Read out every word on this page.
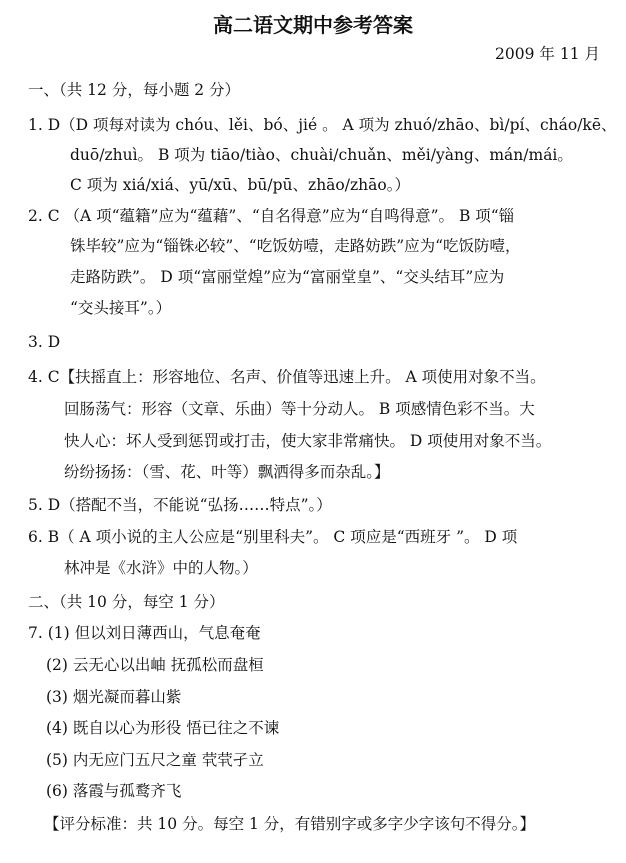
高二语文期中参考答案
2009 年 11 月
一、（共 12 分，每小题 2 分）
1. D（D 项每对读为 chóu、lěi、bó、jié 。 A 项为 zhuó/zhāo、bì/pí、cháo/kē、
duō/zhuì。 B 项为 tiāo/tiào、chuài/chuǎn、měi/yàng、mán/mái。
C 项为 xiá/xiá、yū/xū、bū/pū、zhāo/zhāo。）
2. C （A 项“蕴籍”应为“蕴藉”、“自名得意”应为“自鸣得意”。 B 项“锱
铢毕较”应为“锱铢必较”、“吃饭妨噎，走路妨跌”应为“吃饭防噎，
走路防跌”。 D 项“富丽堂煌”应为“富丽堂皇”、“交头结耳”应为
“交头接耳”。）
3. D
4. C【扶摇直上：形容地位、名声、价值等迅速上升。 A 项使用对象不当。
回肠荡气：形容（文章、乐曲）等十分动人。 B 项感情色彩不当。大
快人心：坏人受到惩罚或打击，使大家非常痛快。 D 项使用对象不当。
纷纷扬扬：（雪、花、叶等）飘洒得多而杂乱。】
5. D（搭配不当，不能说“弘扬……特点”。）
6. B（ A 项小说的主人公应是“别里科夫”。 C 项应是“西班牙 ”。 D 项
林冲是《水浒》中的人物。）
二、（共 10 分，每空 1 分）
7. (1) 但以刘日薄西山，气息奄奄
(2) 云无心以出岫 抚孤松而盘桓
(3) 烟光凝而暮山紫
(4) 既自以心为形役 悟已往之不谏
(5) 内无应门五尺之童 茕茕孑立
(6) 落霞与孤鹜齐飞
【评分标准：共 10 分。每空 1 分，有错别字或多字少字该句不得分。】
